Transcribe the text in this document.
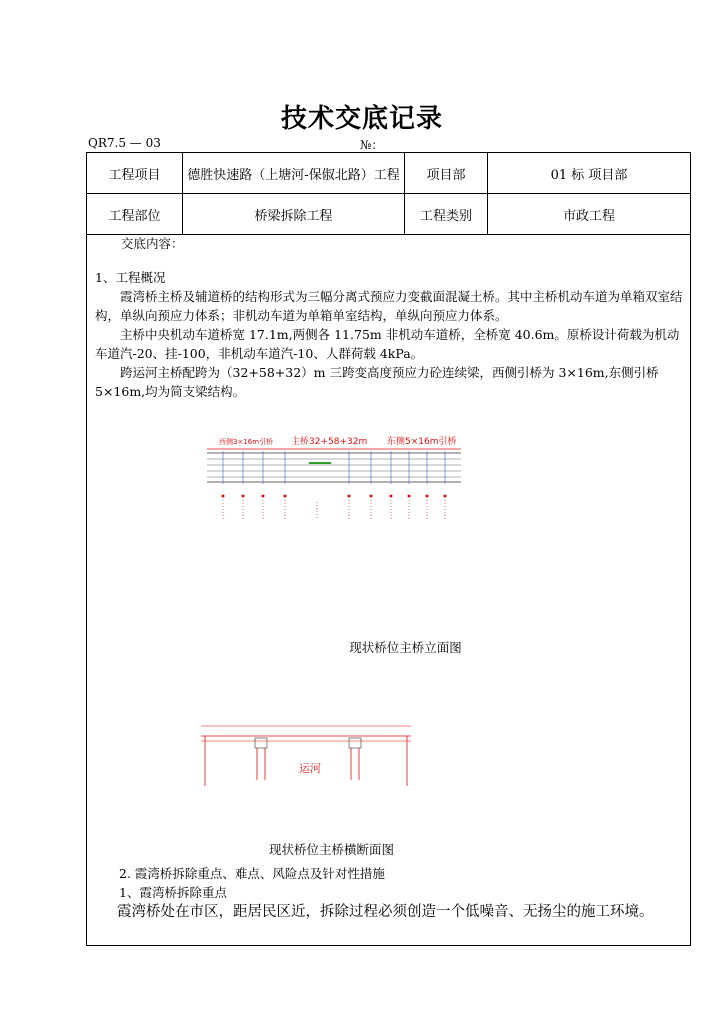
技术交底记录
QR7.5 — 03	№：
工程项目	德胜快速路（上塘河-保俶北路）工程	项目部	01 标 项目部
工程部位	桥梁拆除工程	工程类别	市政工程
交底内容：
1、工程概况
霞湾桥主桥及辅道桥的结构形式为三幅分离式预应力变截面混凝土桥。其中主桥机动车道为单箱双室结构，单纵向预应力体系；非机动车道为单箱单室结构，单纵向预应力体系。
主桥中央机动车道桥宽 17.1m,两侧各 11.75m 非机动车道桥，全桥宽 40.6m。原桥设计荷载为机动车道汽-20、挂-100，非机动车道汽-10、人群荷载 4kPa。
跨运河主桥配跨为（32+58+32）m 三跨变高度预应力砼连续梁，西侧引桥为 3×16m,东侧引桥 5×16m,均为简支梁结构。
西侧3×16m引桥 主桥32+58+32m 东侧5×16m引桥
现状桥位主桥立面图
运河
现状桥位主桥横断面图
2. 霞湾桥拆除重点、难点、风险点及针对性措施
1、霞湾桥拆除重点
霞湾桥处在市区，距居民区近，拆除过程必须创造一个低噪音、无扬尘的施工环境。
